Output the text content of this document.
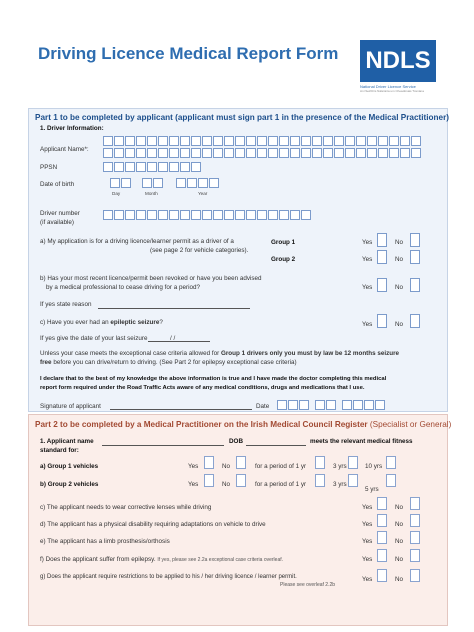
Driving Licence Medical Report Form NDLS
National Driver Licence Service
An tSeirbhís Náisiúnta um Cheadúnais Tiomána
Part 1 to be completed by applicant (applicant must sign part 1 in the presence of the Medical Practitioner)
1. Driver Information:
Applicant Name*:
PPSN
Date of birth
Day	Month	Year
Driver number
(if available)
a) My application is for a driving licence/learner permit as a driver of a
(see page 2 for vehicle categories).
Group 1
Group 2
Yes	No
Yes	No
b) Has your most recent licence/permit been revoked or have you been advised
by a medical professional to cease driving for a period?	Yes	No
If yes state reason
c) Have you ever had an epileptic seizure?	Yes	No
If yes give the date of your last seizure	/ /
Unless your case meets the exceptional case criteria allowed for Group 1 drivers only you must by law be 12 months seizure
free before you can drive/return to driving. (See Part 2 for epilepsy exceptional case criteria)
I declare that to the best of my knowledge the above information is true and I have made the doctor completing this medical
report form required under the Road Traffic Acts aware of any medical conditions, drugs and medications that I use.
Signature of applicant	Date
Part 2 to be completed by a Medical Practitioner on the Irish Medical Council Register (Specialist or General)
1. Applicant name	DOB	meets the relevant medical fitness
standard for:
a) Group 1 vehicles	Yes	No	for a period of 1 yr	3 yrs	10 yrs
b) Group 2 vehicles	Yes	No	for a period of 1 yr	3 yrs
5 yrs
c) The applicant needs to wear corrective lenses while driving	Yes	No
d) The applicant has a physical disability requiring adaptations on vehicle to drive	Yes	No
e) The applicant has a limb prosthesis/orthosis	Yes	No
f) Does the applicant suffer from epilepsy. If yes, please see 2.2a exceptional case criteria overleaf.	Yes	No
g) Does the applicant require restrictions to be applied to his / her driving licence / learner permit.
Please see overleaf 2.2b
Yes	No
